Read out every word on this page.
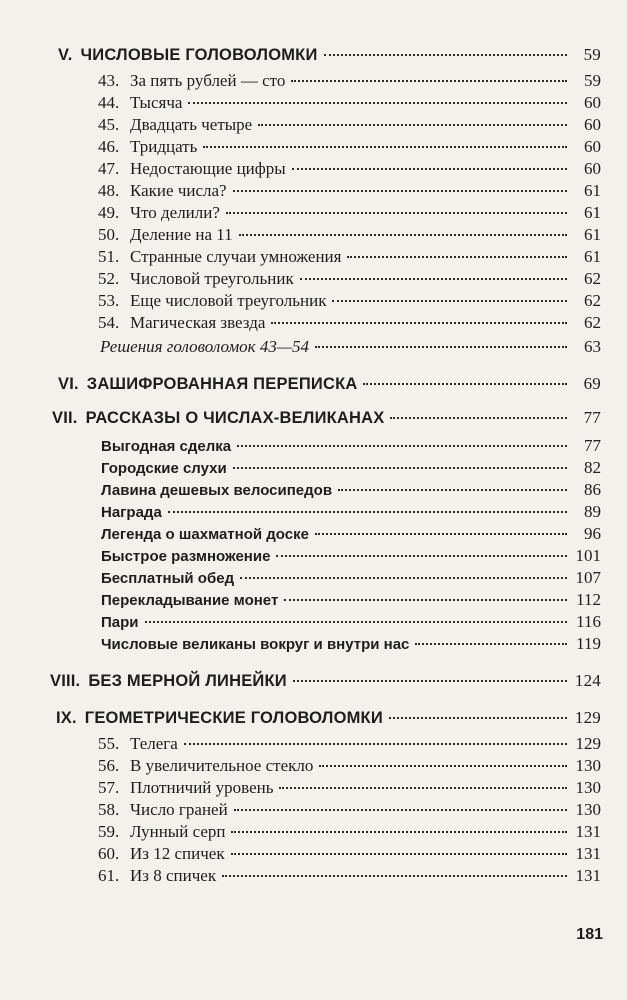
V. ЧИСЛОВЫЕ ГОЛОВОЛОМКИ	59
43. За пять рублей — сто	59
44. Тысяча	60
45. Двадцать четыре	60
46. Тридцать	60
47. Недостающие цифры	60
48. Какие числа?	61
49. Что делили?	61
50. Деление на 11	61
51. Странные случаи умножения	61
52. Числовой треугольник	62
53. Еще числовой треугольник	62
54. Магическая звезда	62
Решения головоломок 43—54	63
VI. ЗАШИФРОВАННАЯ ПЕРЕПИСКА	69
VII. РАССКАЗЫ О ЧИСЛАХ-ВЕЛИКАНАХ	77
Выгодная сделка	77
Городские слухи	82
Лавина дешевых велосипедов	86
Награда	89
Легенда о шахматной доске	96
Быстрое размножение	101
Бесплатный обед	107
Перекладывание монет	112
Пари	116
Числовые великаны вокруг и внутри нас	119
VIII. БЕЗ МЕРНОЙ ЛИНЕЙКИ	124
IX. ГЕОМЕТРИЧЕСКИЕ ГОЛОВОЛОМКИ	129
55. Телега	129
56. В увеличительное стекло	130
57. Плотничий уровень	130
58. Число граней	130
59. Лунный серп	131
60. Из 12 спичек	131
61. Из 8 спичек	131
181
